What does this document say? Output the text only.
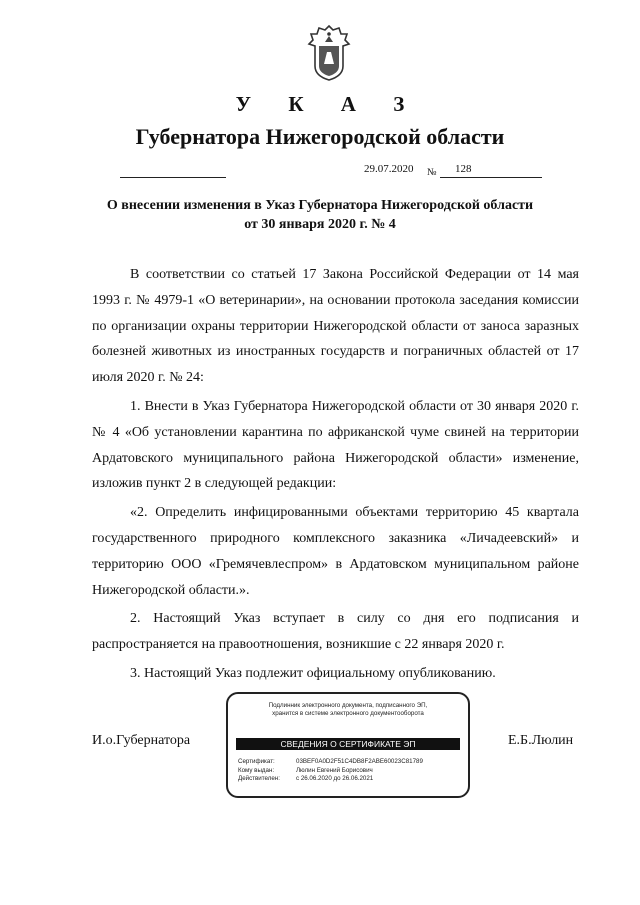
У К А З
Губернатора Нижегородской области
29.07.2020 № 128
О внесении изменения в Указ Губернатора Нижегородской области от 30 января 2020 г. № 4

В соответствии со статьей 17 Закона Российской Федерации от 14 мая 1993 г. № 4979-1 «О ветеринарии», на основании протокола заседания комиссии по организации охраны территории Нижегородской области от заноса заразных болезней животных из иностранных государств и пограничных областей от 17 июля 2020 г. № 24:

1. Внести в Указ Губернатора Нижегородской области от 30 января 2020 г. № 4 «Об установлении карантина по африканской чуме свиней на территории Ардатовского муниципального района Нижегородской области» изменение, изложив пункт 2 в следующей редакции:

«2. Определить инфицированными объектами территорию 45 квартала государственного природного комплексного заказника «Личадеевский» и территорию ООО «Гремячевлеспром» в Ардатовском муниципальном районе Нижегородской области.».

2. Настоящий Указ вступает в силу со дня его подписания и распространяется на правоотношения, возникшие с 22 января 2020 г.

3. Настоящий Указ подлежит официальному опубликованию.

И.о.Губернатора	Е.Б.Люлин
Подлинник электронного документа, подписанного ЭП,
хранится в системе электронного документооборота
СВЕДЕНИЯ О СЕРТИФИКАТЕ ЭП
Сертификат:	03BEF0A0D2F51C4DB8F2ABE60023C81789
Кому выдан:	Люлин Евгений Борисович
Действителен:	с 26.06.2020 до 26.06.2021
